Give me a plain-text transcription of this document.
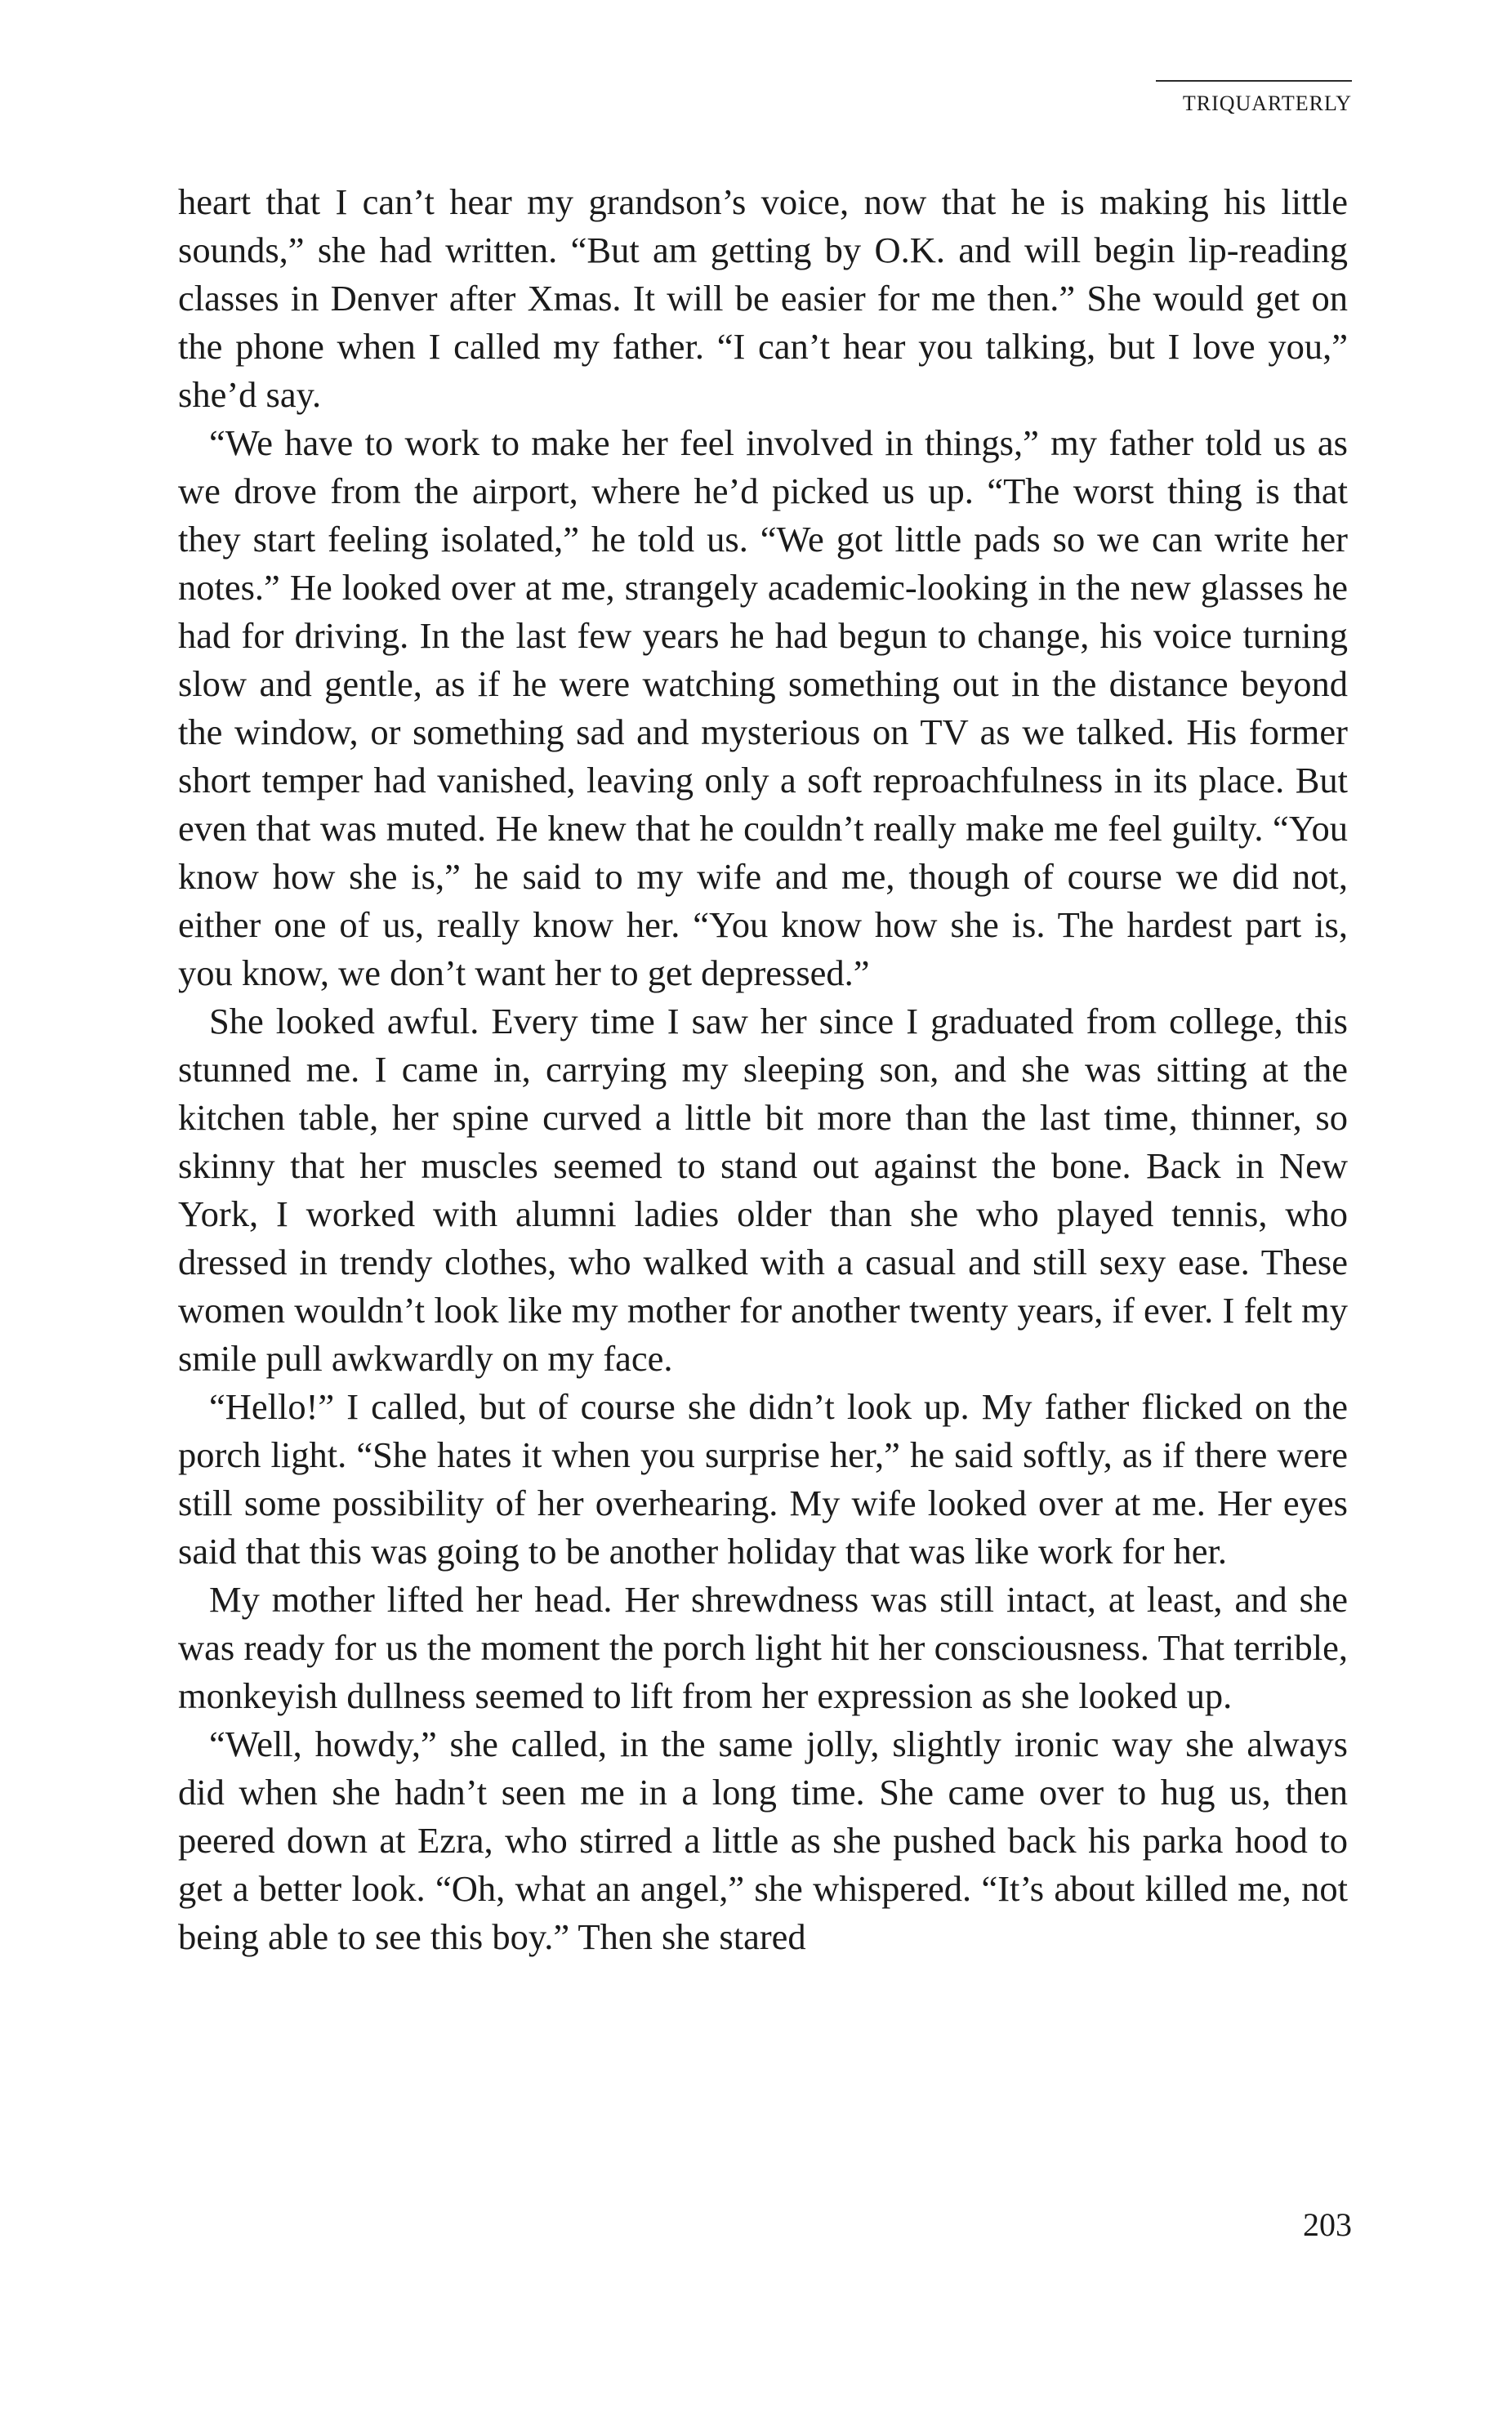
TRIQUARTERLY

heart that I can’t hear my grandson’s voice, now that he is making his little sounds,” she had written. “But am getting by O.K. and will begin lip-reading classes in Denver after Xmas. It will be easier for me then.” She would get on the phone when I called my father. “I can’t hear you talking, but I love you,” she’d say.

“We have to work to make her feel involved in things,” my father told us as we drove from the airport, where he’d picked us up. “The worst thing is that they start feeling isolated,” he told us. “We got little pads so we can write her notes.” He looked over at me, strangely academic-looking in the new glasses he had for driving. In the last few years he had begun to change, his voice turning slow and gentle, as if he were watching something out in the distance beyond the window, or something sad and mysterious on TV as we talked. His former short temper had vanished, leaving only a soft reproachfulness in its place. But even that was muted. He knew that he couldn’t really make me feel guilty. “You know how she is,” he said to my wife and me, though of course we did not, either one of us, really know her. “You know how she is. The hardest part is, you know, we don’t want her to get depressed.”

She looked awful. Every time I saw her since I graduated from college, this stunned me. I came in, carrying my sleeping son, and she was sitting at the kitchen table, her spine curved a little bit more than the last time, thinner, so skinny that her muscles seemed to stand out against the bone. Back in New York, I worked with alumni ladies older than she who played tennis, who dressed in trendy clothes, who walked with a casual and still sexy ease. These women wouldn’t look like my mother for another twenty years, if ever. I felt my smile pull awkwardly on my face.

“Hello!” I called, but of course she didn’t look up. My father flicked on the porch light. “She hates it when you surprise her,” he said softly, as if there were still some possibility of her overhearing. My wife looked over at me. Her eyes said that this was going to be another holiday that was like work for her.

My mother lifted her head. Her shrewdness was still intact, at least, and she was ready for us the moment the porch light hit her consciousness. That terrible, monkeyish dullness seemed to lift from her expression as she looked up.

“Well, howdy,” she called, in the same jolly, slightly ironic way she always did when she hadn’t seen me in a long time. She came over to hug us, then peered down at Ezra, who stirred a little as she pushed back his parka hood to get a better look. “Oh, what an angel,” she whispered. “It’s about killed me, not being able to see this boy.” Then she stared

203
